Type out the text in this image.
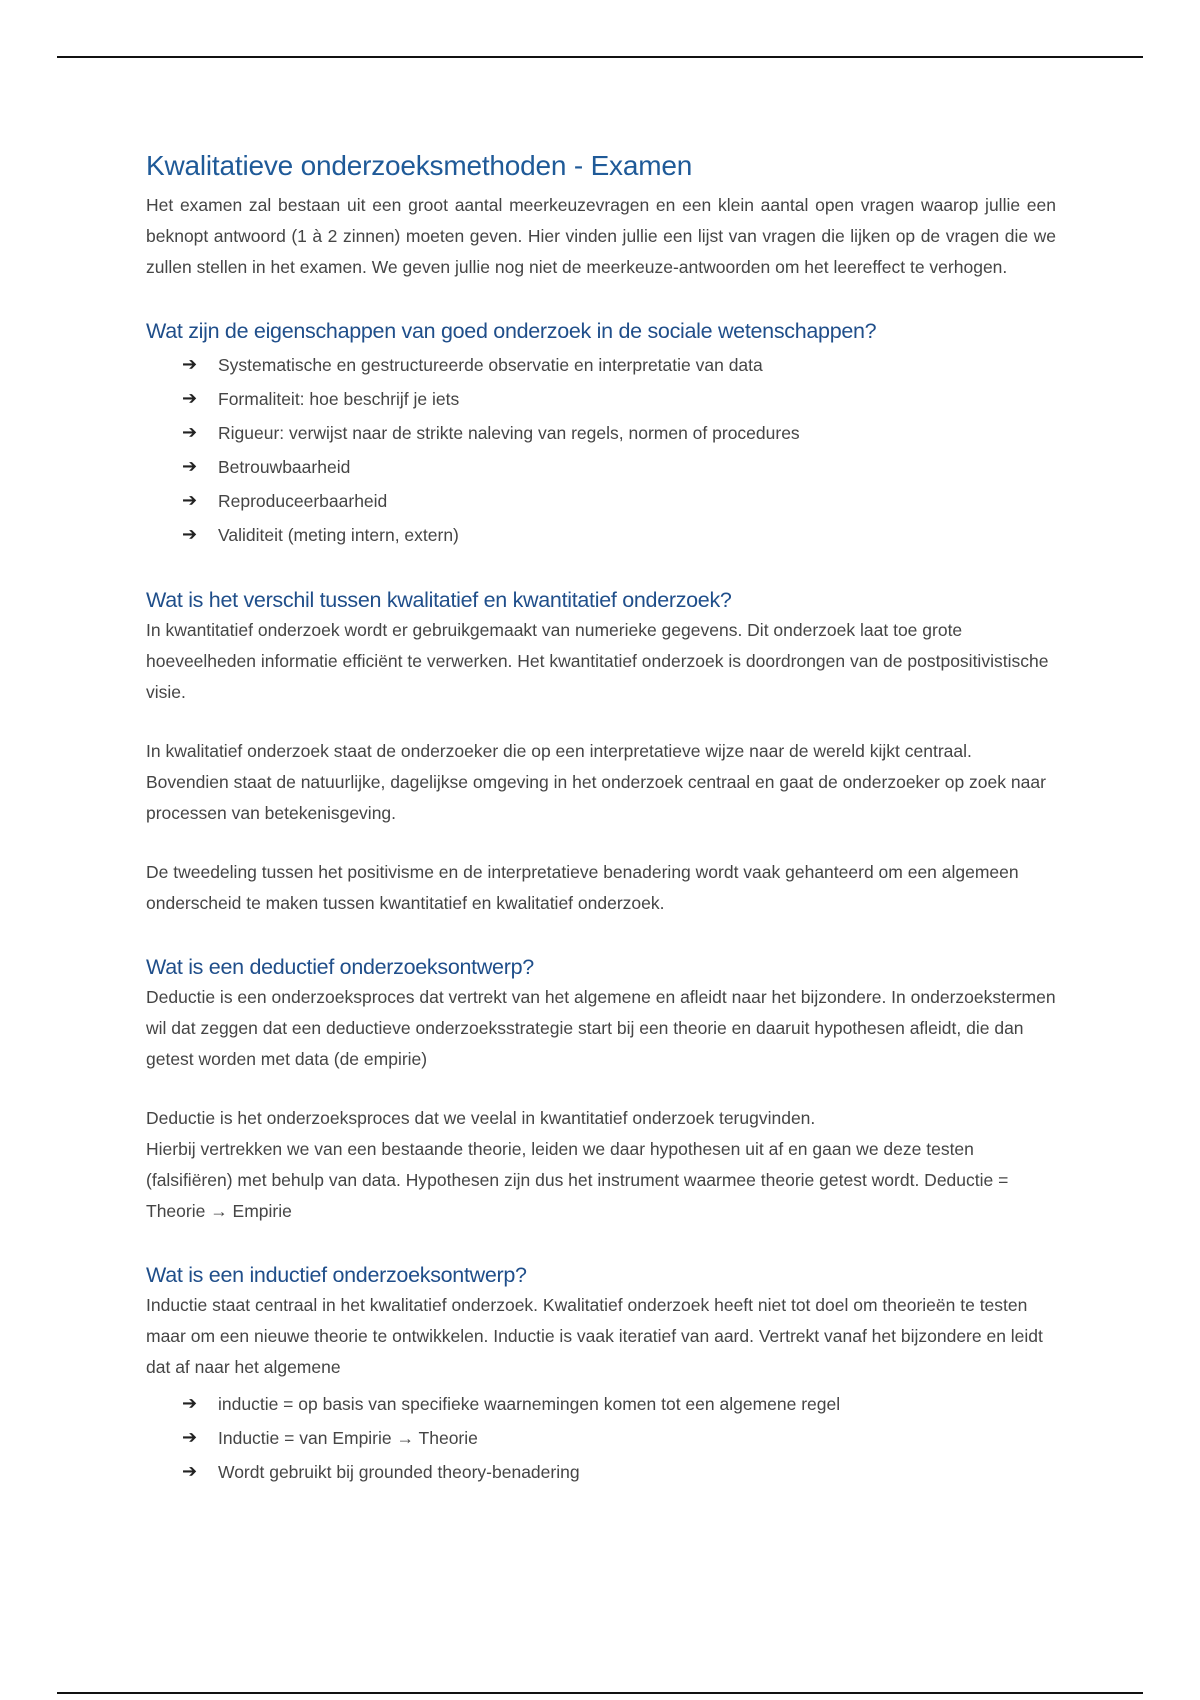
Kwalitatieve onderzoeksmethoden - Examen

Het examen zal bestaan uit een groot aantal meerkeuzevragen en een klein aantal open vragen waarop jullie een beknopt antwoord (1 à 2 zinnen) moeten geven. Hier vinden jullie een lijst van vragen die lijken op de vragen die we zullen stellen in het examen. We geven jullie nog niet de meerkeuze-antwoorden om het leereffect te verhogen.

Wat zijn de eigenschappen van goed onderzoek in de sociale wetenschappen?
➔ Systematische en gestructureerde observatie en interpretatie van data
➔ Formaliteit: hoe beschrijf je iets
➔ Rigueur: verwijst naar de strikte naleving van regels, normen of procedures
➔ Betrouwbaarheid
➔ Reproduceerbaarheid
➔ Validiteit (meting intern, extern)
Wat is het verschil tussen kwalitatief en kwantitatief onderzoek?

In kwantitatief onderzoek wordt er gebruikgemaakt van numerieke gegevens. Dit onderzoek laat toe grote hoeveelheden informatie efficiënt te verwerken. Het kwantitatief onderzoek is doordrongen van de postpositivistische visie.

In kwalitatief onderzoek staat de onderzoeker die op een interpretatieve wijze naar de wereld kijkt centraal. Bovendien staat de natuurlijke, dagelijkse omgeving in het onderzoek centraal en gaat de onderzoeker op zoek naar processen van betekenisgeving.

De tweedeling tussen het positivisme en de interpretatieve benadering wordt vaak gehanteerd om een algemeen onderscheid te maken tussen kwantitatief en kwalitatief onderzoek.

Wat is een deductief onderzoeksontwerp?

Deductie is een onderzoeksproces dat vertrekt van het algemene en afleidt naar het bijzondere. In onderzoekstermen wil dat zeggen dat een deductieve onderzoeksstrategie start bij een theorie en daaruit hypothesen afleidt, die dan getest worden met data (de empirie)

Deductie is het onderzoeksproces dat we veelal in kwantitatief onderzoek terugvinden.

Hierbij vertrekken we van een bestaande theorie, leiden we daar hypothesen uit af en gaan we deze testen (falsifiëren) met behulp van data. Hypothesen zijn dus het instrument waarmee theorie getest wordt. Deductie = Theorie → Empirie

Wat is een inductief onderzoeksontwerp?

Inductie staat centraal in het kwalitatief onderzoek. Kwalitatief onderzoek heeft niet tot doel om theorieën te testen maar om een nieuwe theorie te ontwikkelen. Inductie is vaak iteratief van aard. Vertrekt vanaf het bijzondere en leidt dat af naar het algemene

➔ inductie = op basis van specifieke waarnemingen komen tot een algemene regel
➔ Inductie = van Empirie → Theorie
➔ Wordt gebruikt bij grounded theory-benadering
